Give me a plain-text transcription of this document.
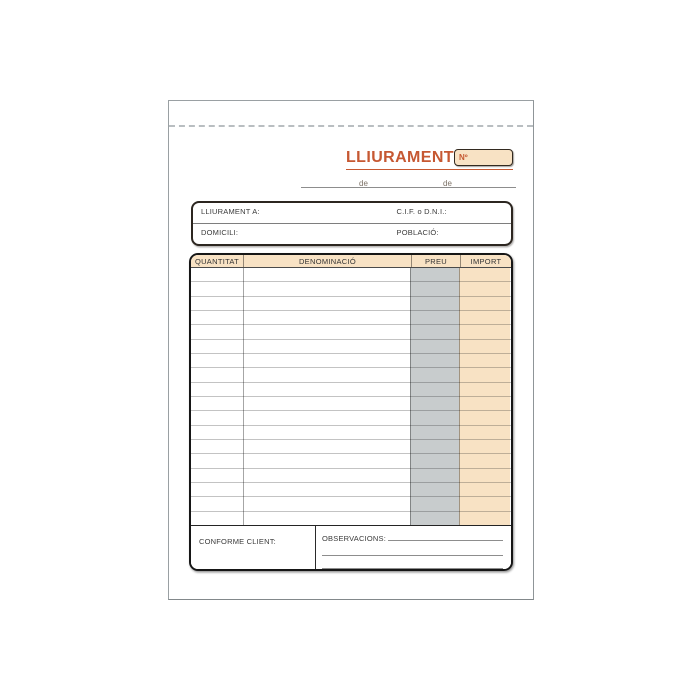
LLIURAMENT Nº
de	de
LLIURAMENT A:	C.I.F. o D.N.I.:
DOMICILI:	POBLACIÓ:
QUANTITAT	DENOMINACIÓ	PREU	IMPORT
CONFORME CLIENT:	OBSERVACIONS:
